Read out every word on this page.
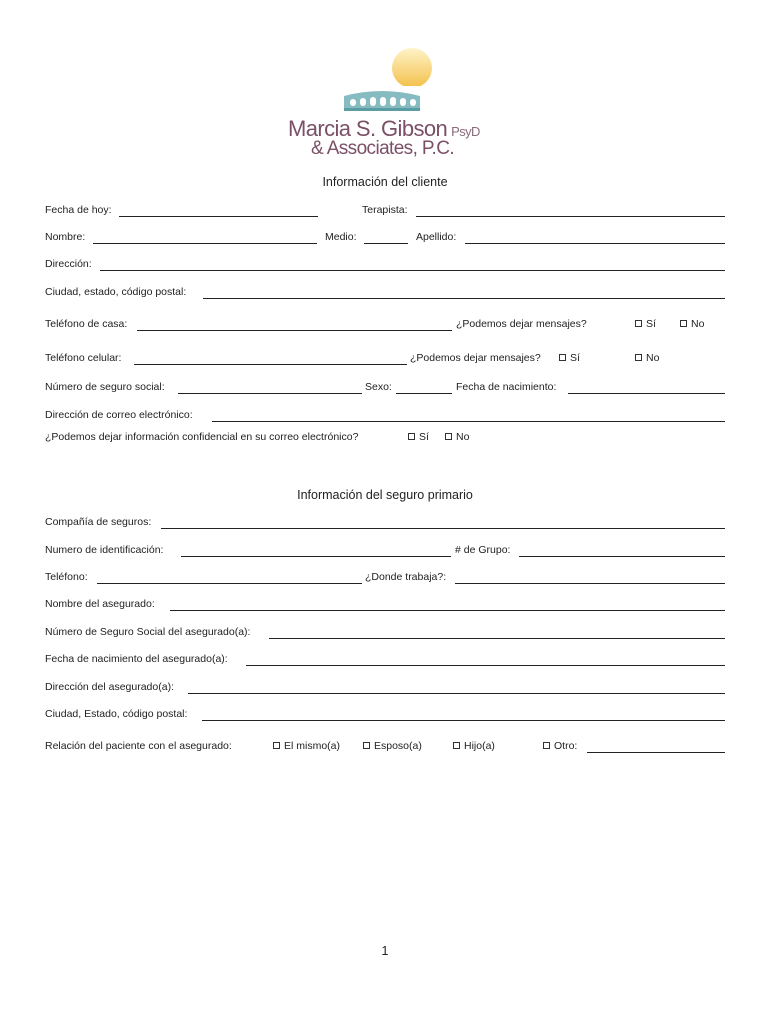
Marcia S. Gibson PsyD
& Associates, P.C.
Información del cliente
Fecha de hoy:	Terapista:
Nombre:	Medio:	Apellido:
Dirección:
Ciudad, estado, código postal:
Teléfono de casa:	¿Podemos dejar mensajes?	Sí	No
Teléfono celular:	¿Podemos dejar mensajes?	Sí	No
Número de seguro social:	Sexo:	Fecha de nacimiento:
Dirección de correo electrónico:
¿Podemos dejar información confidencial en su correo electrónico?	Sí	No
Información del seguro primario
Compañía de seguros:
Numero de identificación:	# de Grupo:
Teléfono:	¿Donde trabaja?:
Nombre del asegurado:
Número de Seguro Social del asegurado(a):
Fecha de nacimiento del asegurado(a):
Dirección del asegurado(a):
Ciudad, Estado, código postal:
Relación del paciente con el asegurado:	El mismo(a)	Esposo(a)	Hijo(a)	Otro:
1
